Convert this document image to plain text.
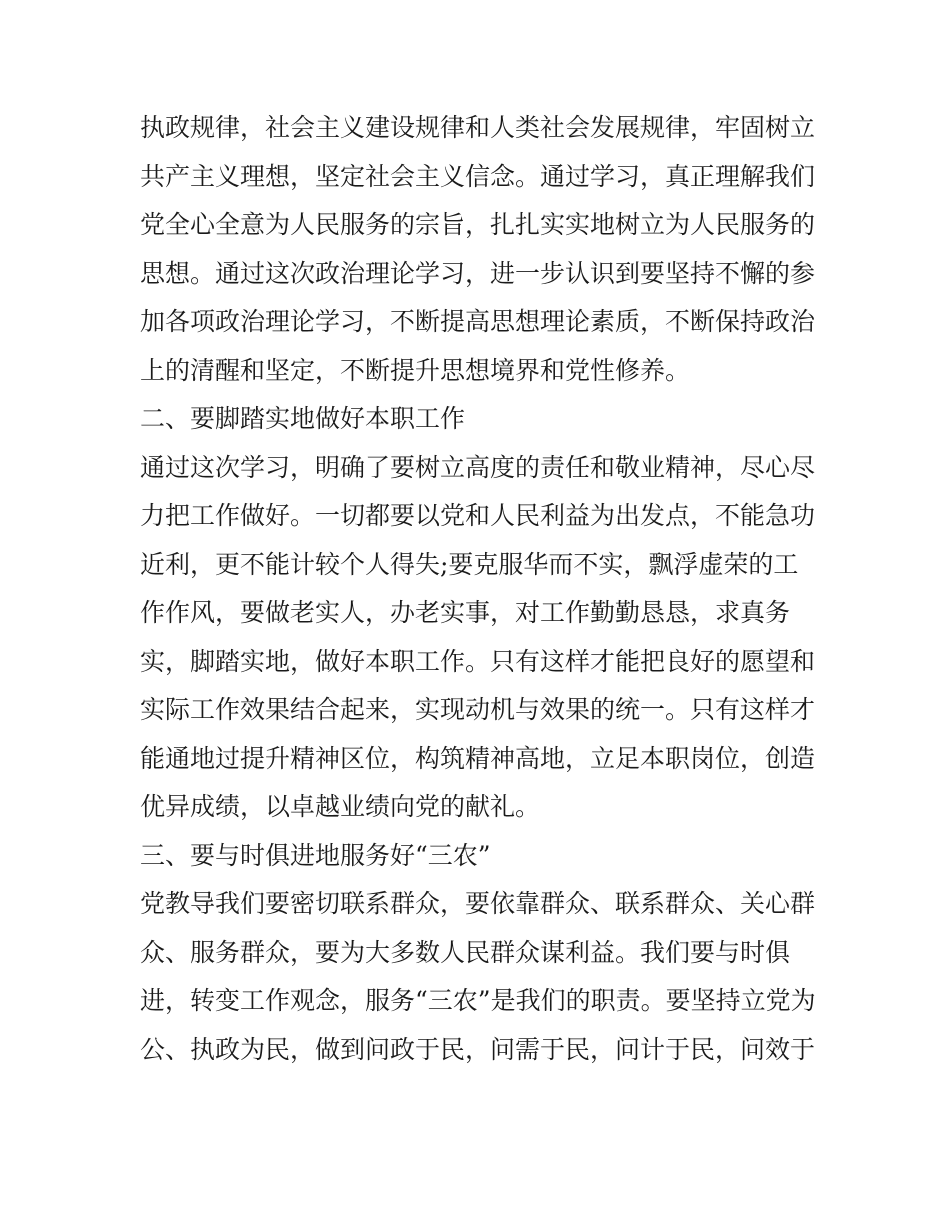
执政规律，社会主义建设规律和人类社会发展规律，牢固树立
共产主义理想，坚定社会主义信念。通过学习，真正理解我们
党全心全意为人民服务的宗旨，扎扎实实地树立为人民服务的
思想。通过这次政治理论学习，进一步认识到要坚持不懈的参
加各项政治理论学习，不断提高思想理论素质，不断保持政治
上的清醒和坚定，不断提升思想境界和党性修养。
二、要脚踏实地做好本职工作
通过这次学习，明确了要树立高度的责任和敬业精神，尽心尽
力把工作做好。一切都要以党和人民利益为出发点，不能急功
近利，更不能计较个人得失;要克服华而不实，飘浮虚荣的工
作作风，要做老实人，办老实事，对工作勤勤恳恳，求真务
实，脚踏实地，做好本职工作。只有这样才能把良好的愿望和
实际工作效果结合起来，实现动机与效果的统一。只有这样才
能通地过提升精神区位，构筑精神高地，立足本职岗位，创造
优异成绩，以卓越业绩向党的献礼。
三、要与时俱进地服务好“三农”
党教导我们要密切联系群众，要依靠群众、联系群众、关心群
众、服务群众，要为大多数人民群众谋利益。我们要与时俱
进，转变工作观念，服务“三农”是我们的职责。要坚持立党为
公、执政为民，做到问政于民，问需于民，问计于民，问效于
